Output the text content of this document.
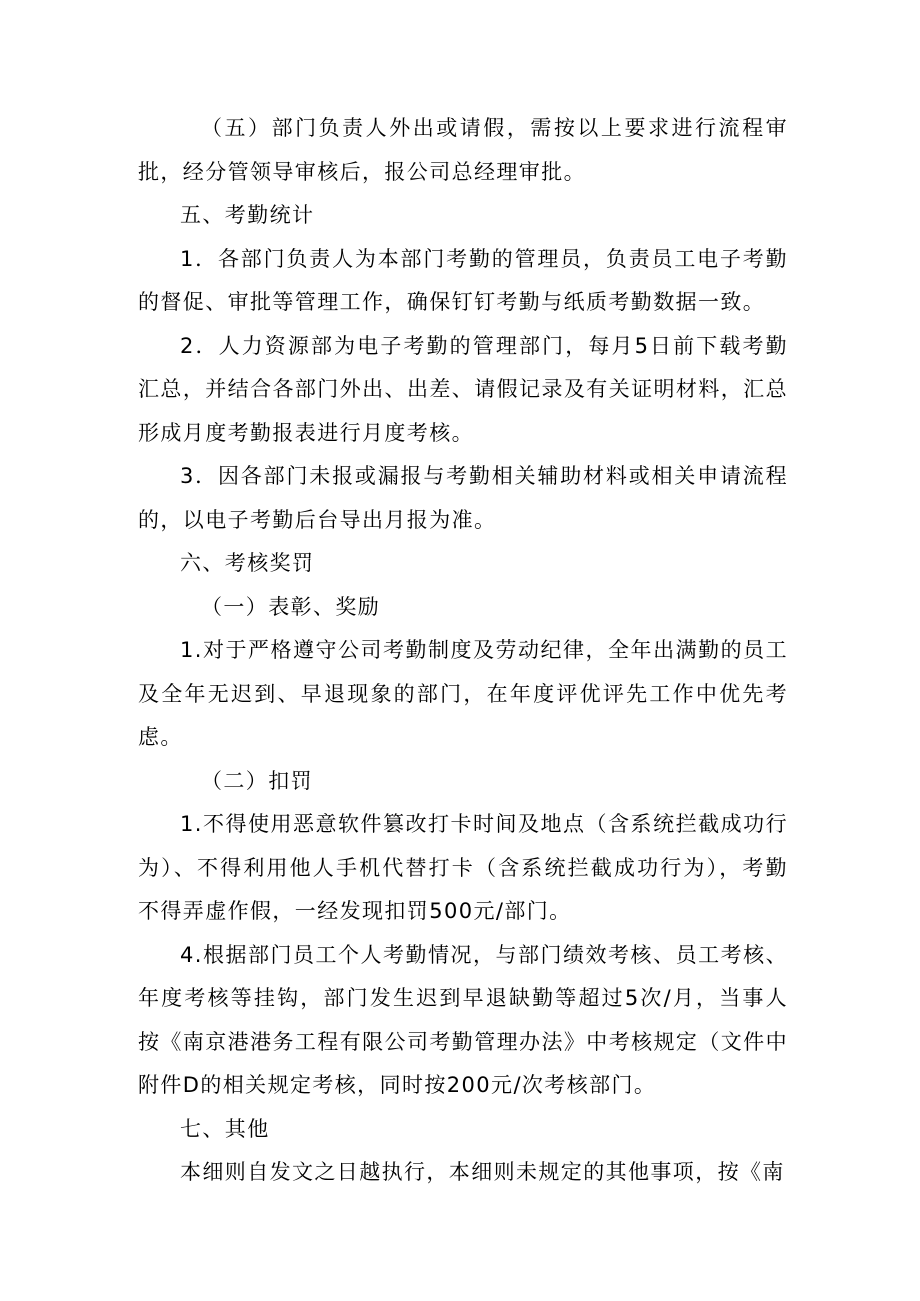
（五）部门负责人外出或请假，需按以上要求进行流程审批，经分管领导审核后，报公司总经理审批。

五、考勤统计

1．各部门负责人为本部门考勤的管理员，负责员工电子考勤的督促、审批等管理工作，确保钉钉考勤与纸质考勤数据一致。

2．人力资源部为电子考勤的管理部门，每月5日前下载考勤汇总，并结合各部门外出、出差、请假记录及有关证明材料，汇总形成月度考勤报表进行月度考核。

3．因各部门未报或漏报与考勤相关辅助材料或相关申请流程的，以电子考勤后台导出月报为准。

六、考核奖罚

（一）表彰、奖励

1.对于严格遵守公司考勤制度及劳动纪律，全年出满勤的员工及全年无迟到、早退现象的部门，在年度评优评先工作中优先考虑。

（二）扣罚

1.不得使用恶意软件篡改打卡时间及地点（含系统拦截成功行为）、不得利用他人手机代替打卡（含系统拦截成功行为），考勤不得弄虚作假，一经发现扣罚500元/部门。

4.根据部门员工个人考勤情况，与部门绩效考核、员工考核、年度考核等挂钩，部门发生迟到早退缺勤等超过5次/月，当事人按《南京港港务工程有限公司考勤管理办法》中考核规定（文件中附件D的相关规定考核，同时按200元/次考核部门。

七、其他

本细则自发文之日越执行，本细则未规定的其他事项，按《南
